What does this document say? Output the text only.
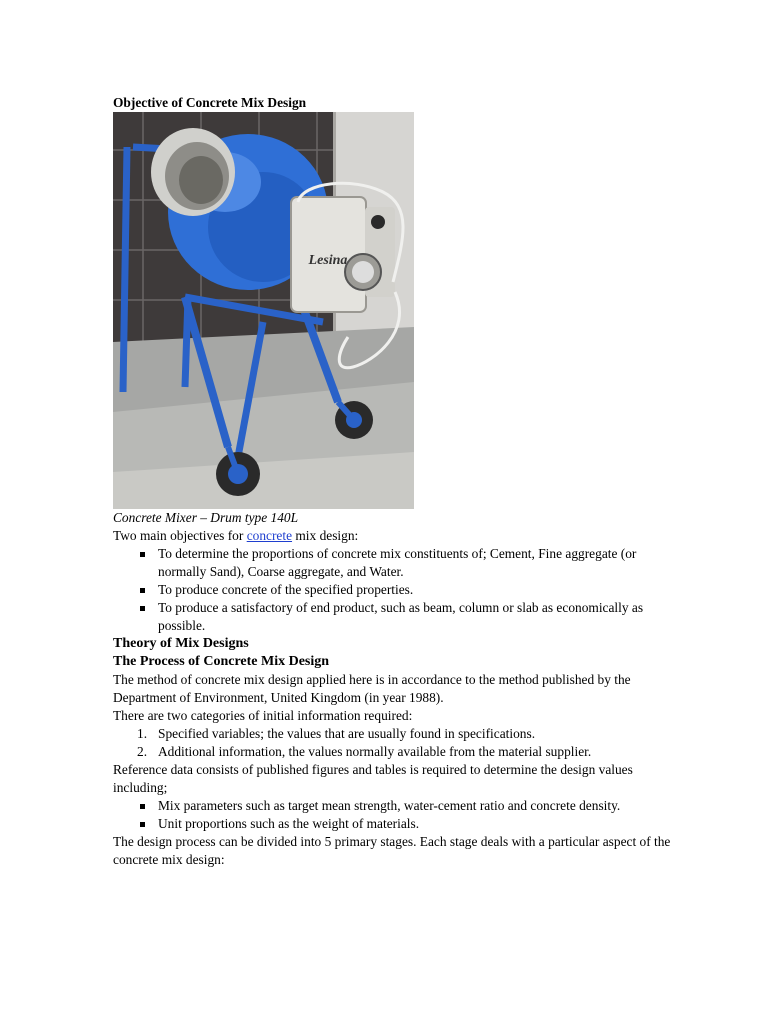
Objective of Concrete Mix Design
Lesina
Concrete Mixer – Drum type 140L

Two main objectives for concrete mix design:

To determine the proportions of concrete mix constituents of; Cement, Fine aggregate (or normally Sand), Coarse aggregate, and Water.
To produce concrete of the specified properties.
To produce a satisfactory of end product, such as beam, column or slab as economically as possible.
Theory of Mix Designs
The Process of Concrete Mix Design

The method of concrete mix design applied here is in accordance to the method published by the Department of Environment, United Kingdom (in year 1988).

There are two categories of initial information required:

1. Specified variables; the values that are usually found in specifications.
2. Additional information, the values normally available from the material supplier.

Reference data consists of published figures and tables is required to determine the design values including;

Mix parameters such as target mean strength, water-cement ratio and concrete density.
Unit proportions such as the weight of materials.

The design process can be divided into 5 primary stages. Each stage deals with a particular aspect of the concrete mix design:
